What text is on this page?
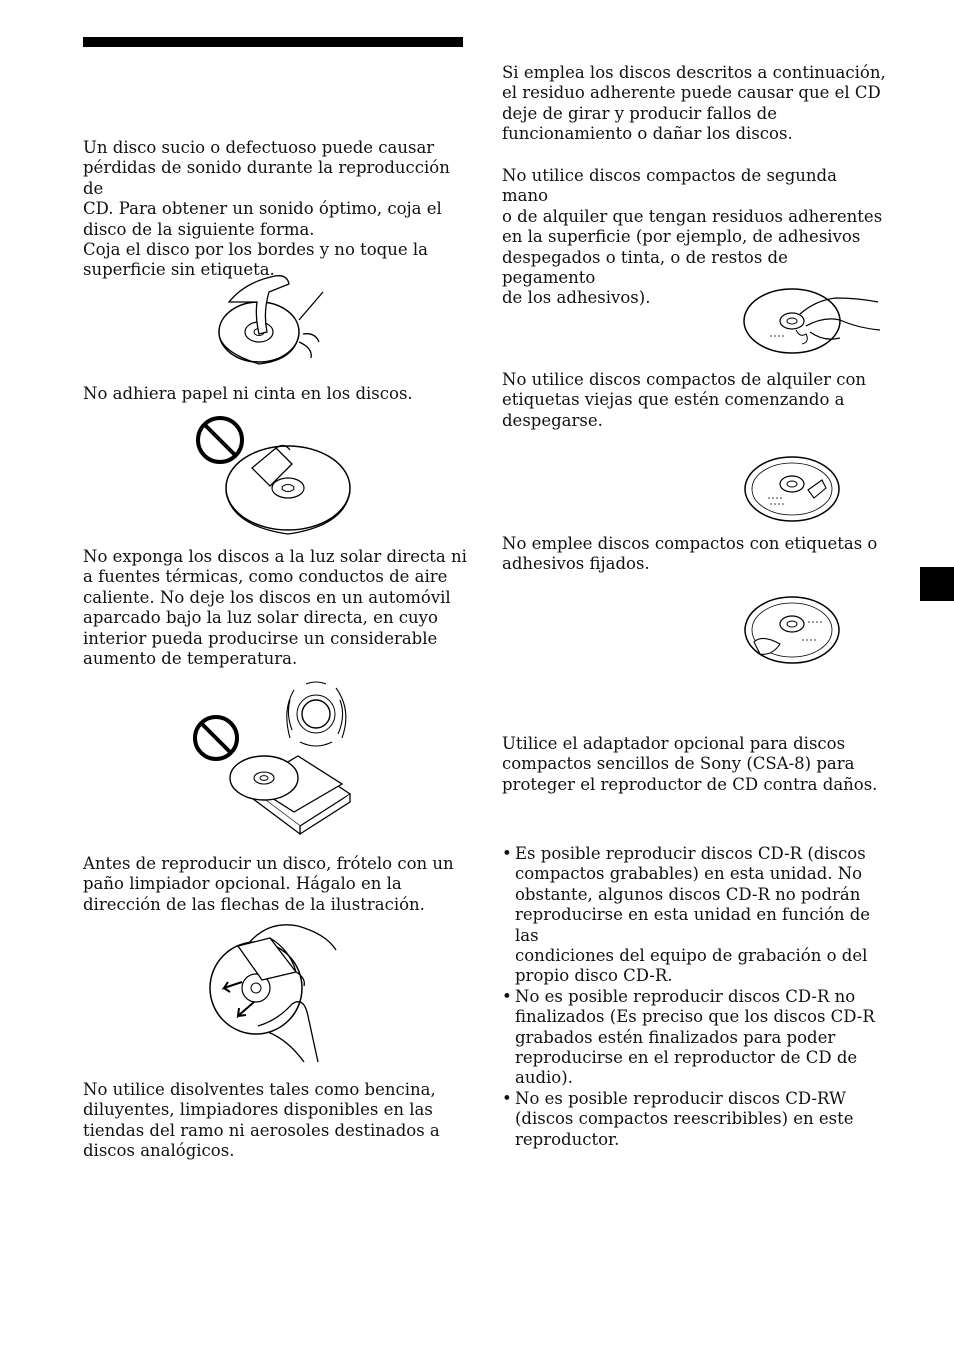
Un disco sucio o defectuoso puede causar
pérdidas de sonido durante la reproducción de
CD. Para obtener un sonido óptimo, coja el
disco de la siguiente forma.
Coja el disco por los bordes y no toque la
superficie sin etiqueta.

No adhiera papel ni cinta en los discos.

No exponga los discos a la luz solar directa ni
a fuentes térmicas, como conductos de aire
caliente. No deje los discos en un automóvil
aparcado bajo la luz solar directa, en cuyo
interior pueda producirse un considerable
aumento de temperatura.

Antes de reproducir un disco, frótelo con un
paño limpiador opcional. Hágalo en la
dirección de las flechas de la ilustración.

No utilice disolventes tales como bencina,
diluyentes, limpiadores disponibles en las
tiendas del ramo ni aerosoles destinados a
discos analógicos.

Si emplea los discos descritos a continuación,
el residuo adherente puede causar que el CD
deje de girar y producir fallos de
funcionamiento o dañar los discos.

No utilice discos compactos de segunda mano
o de alquiler que tengan residuos adherentes
en la superficie (por ejemplo, de adhesivos
despegados o tinta, o de restos de pegamento
de los adhesivos).

No utilice discos compactos de alquiler con
etiquetas viejas que estén comenzando a
despegarse.

No emplee discos compactos con etiquetas o
adhesivos fijados.

Utilice el adaptador opcional para discos
compactos sencillos de Sony (CSA-8) para
proteger el reproductor de CD contra daños.

• Es posible reproducir discos CD-R (discos
compactos grabables) en esta unidad. No
obstante, algunos discos CD-R no podrán
reproducirse en esta unidad en función de las
condiciones del equipo de grabación o del
propio disco CD-R.
• No es posible reproducir discos CD-R no
finalizados (Es preciso que los discos CD-R
grabados estén finalizados para poder
reproducirse en el reproductor de CD de
audio).
• No es posible reproducir discos CD-RW
(discos compactos reescribibles) en este
reproductor.
